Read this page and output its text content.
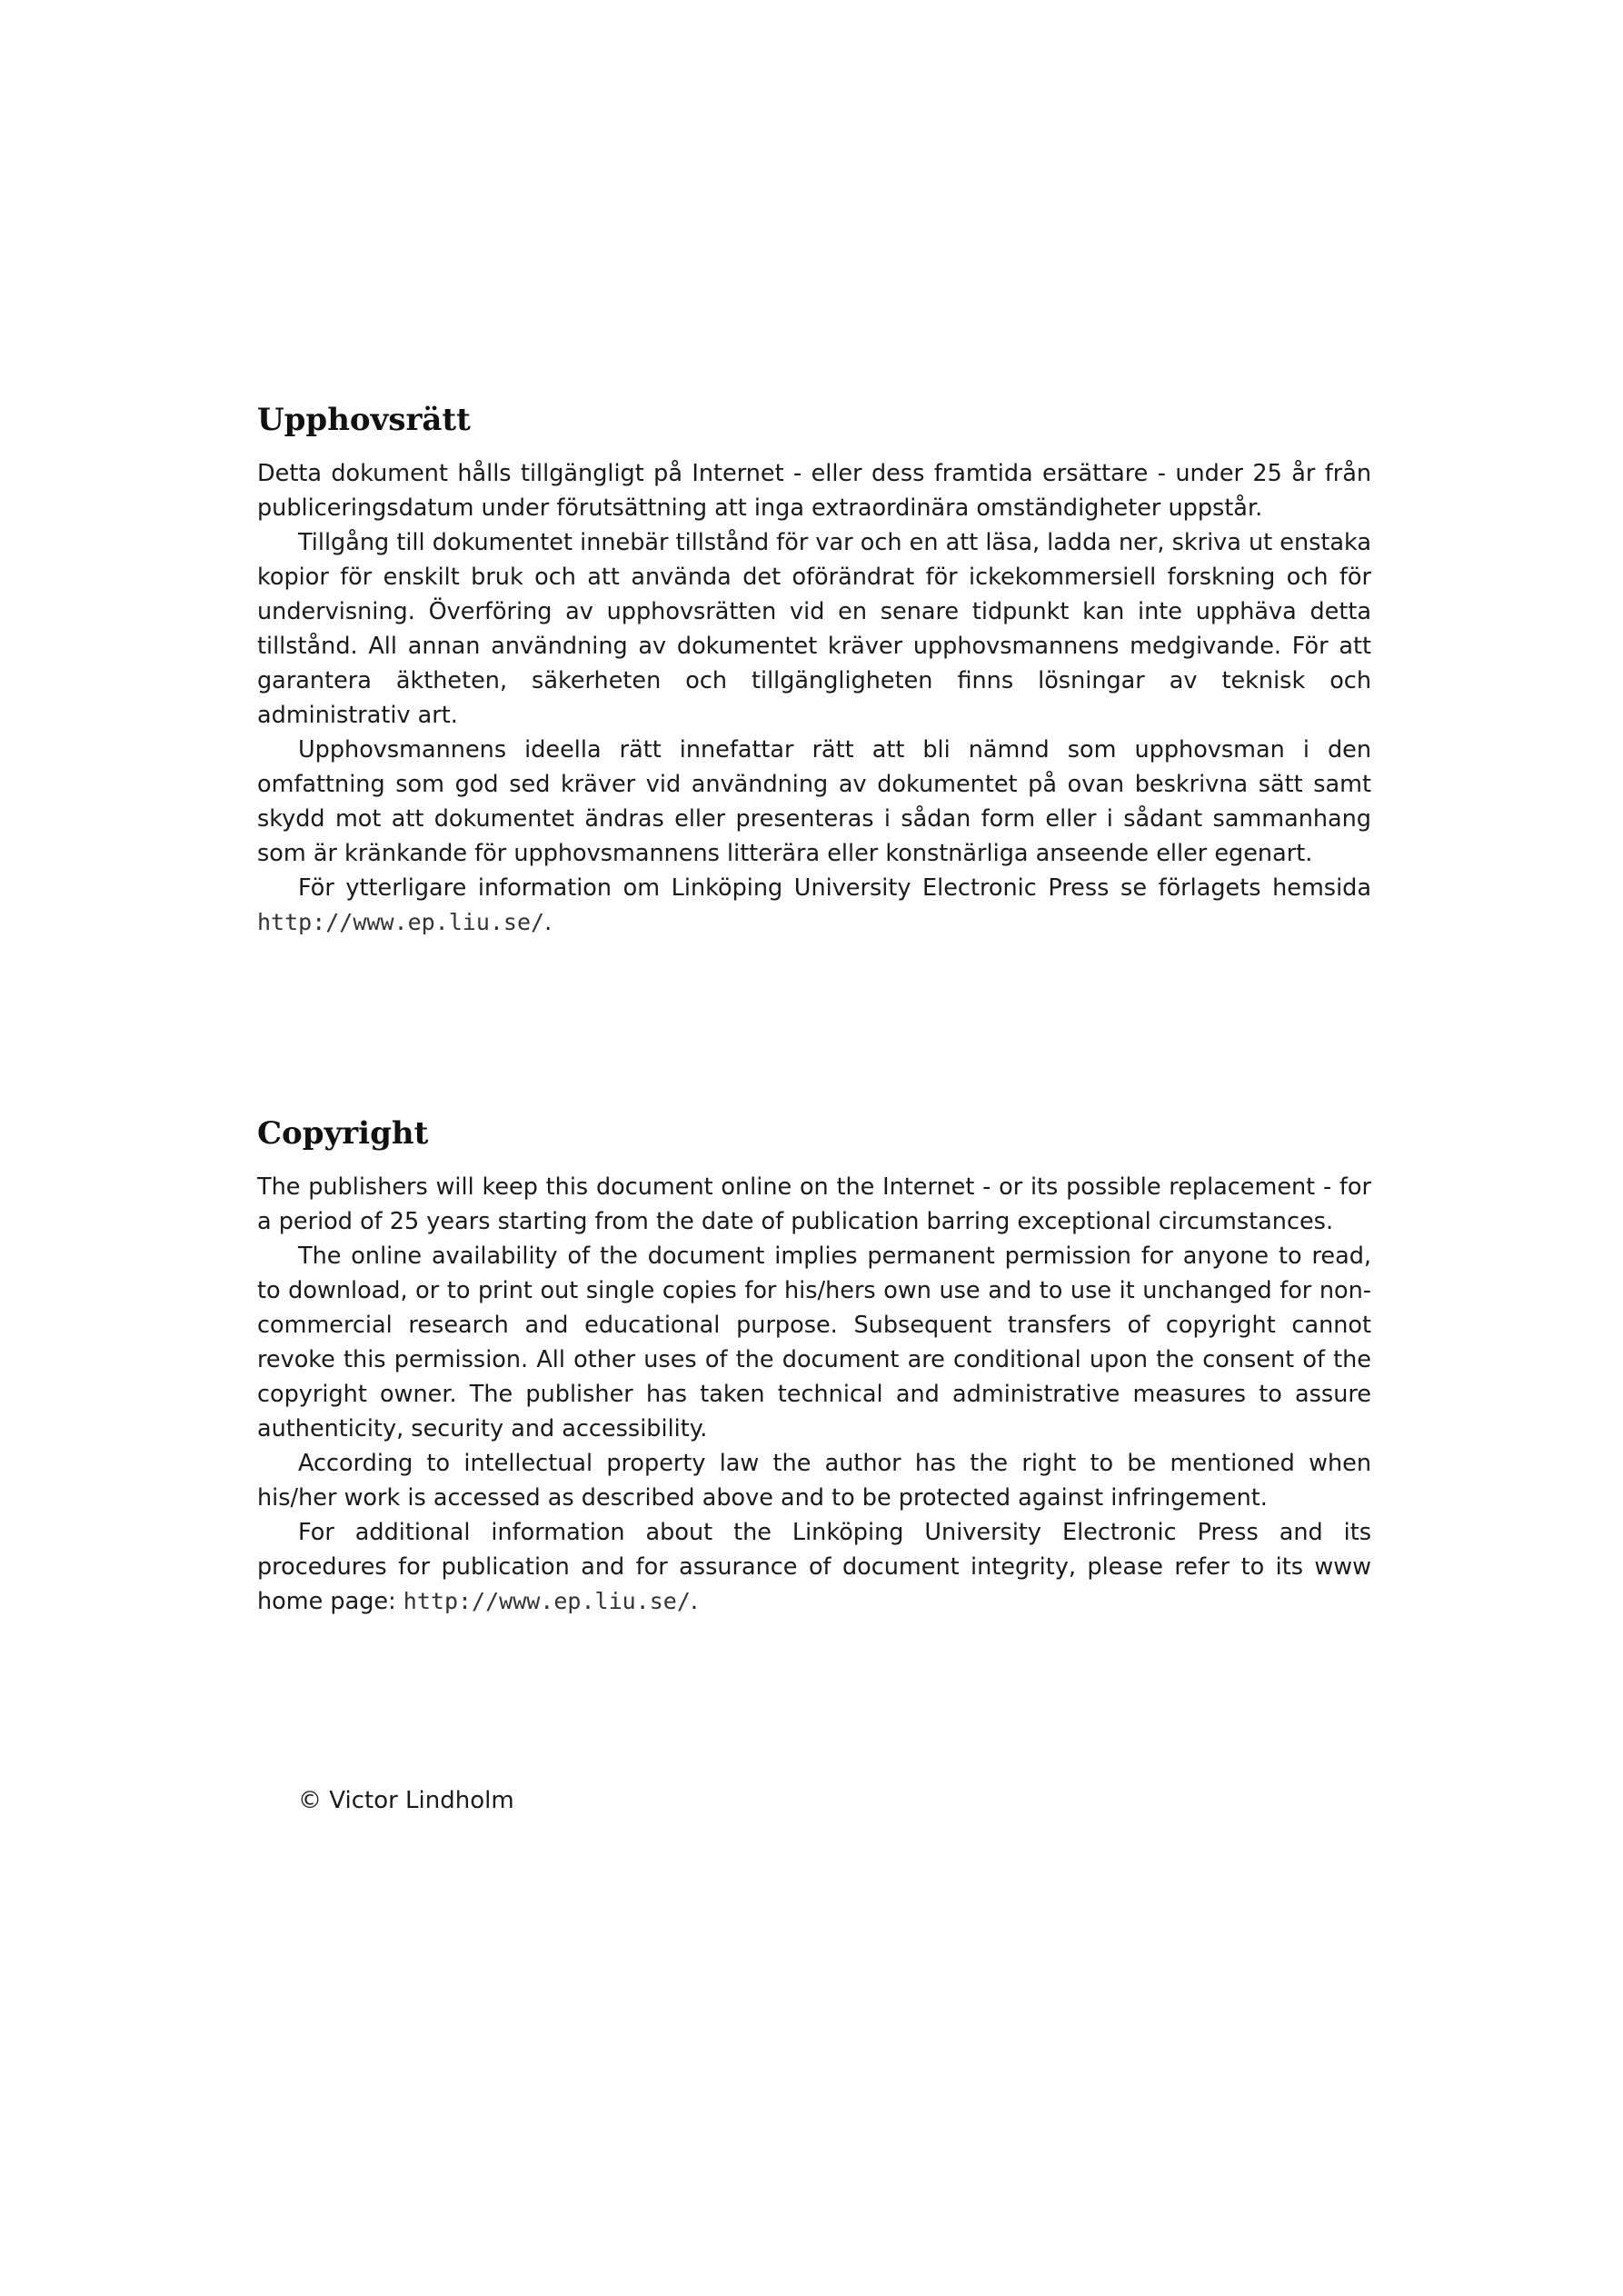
Upphovsrätt

Detta dokument hålls tillgängligt på Internet - eller dess framtida ersättare - under 25 år från publiceringsdatum under förutsättning att inga extraordinära omständigheter uppstår.

Tillgång till dokumentet innebär tillstånd för var och en att läsa, ladda ner, skriva ut enstaka kopior för enskilt bruk och att använda det oförändrat för ickekommersiell forskning och för undervisning. Överföring av upphovsrätten vid en senare tidpunkt kan inte upphäva detta tillstånd. All annan användning av dokumentet kräver upphovsmannens medgivande. För att garantera äktheten, säkerheten och tillgängligheten finns lösningar av teknisk och administrativ art.

Upphovsmannens ideella rätt innefattar rätt att bli nämnd som upphovsman i den omfattning som god sed kräver vid användning av dokumentet på ovan beskrivna sätt samt skydd mot att dokumentet ändras eller presenteras i sådan form eller i sådant sammanhang som är kränkande för upphovsmannens litterära eller konstnärliga anseende eller egenart.

För ytterligare information om Linköping University Electronic Press se förlagets hemsida http://www.ep.liu.se/.

Copyright

The publishers will keep this document online on the Internet - or its possible replacement - for a period of 25 years starting from the date of publication barring exceptional circumstances.

The online availability of the document implies permanent permission for anyone to read, to download, or to print out single copies for his/hers own use and to use it unchanged for non-commercial research and educational purpose. Subsequent transfers of copyright cannot revoke this permission. All other uses of the document are conditional upon the consent of the copyright owner. The publisher has taken technical and administrative measures to assure authenticity, security and accessibility.

According to intellectual property law the author has the right to be mentioned when his/her work is accessed as described above and to be protected against infringement.

For additional information about the Linköping University Electronic Press and its procedures for publication and for assurance of document integrity, please refer to its www home page: http://www.ep.liu.se/.

© Victor Lindholm
